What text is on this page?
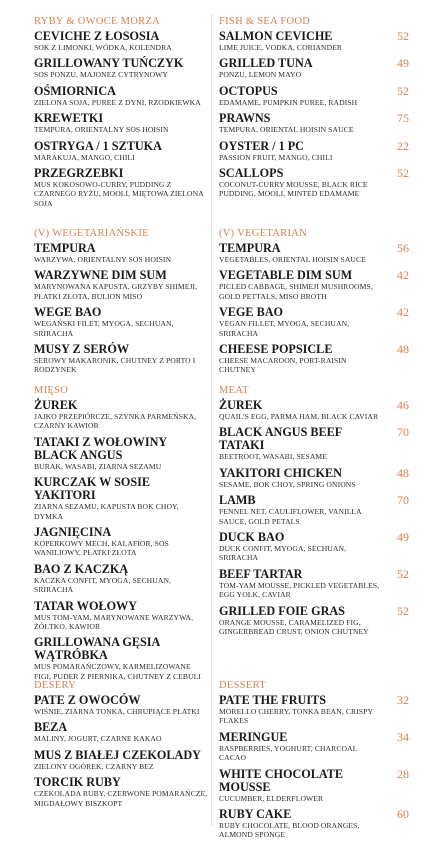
RYBY & OWOCE MORZA
CEVICHE Z ŁOSOSIA
SOK Z LIMONKI, WÓDKA, KOLENDRA
GRILLOWANY TUŃCZYK
SOS PONZU, MAJONEZ CYTRYNOWY
OŚMIORNICA
ZIELONA SOJA, PUREE Z DYNI, RZODKIEWKA
KREWETKI
TEMPURA, ORIENTALNY SOS HOISIN
OSTRYGA / 1 SZTUKA
MARAKUJA, MANGO, CHILI
PRZEGRZEBKI
MUS KOKOSOWO-CURRY, PUDDING Z CZARNEGO RYŻU, MOOLI, MIĘTOWA ZIELONA SOJA
(V) WEGETARIAŃSKIE
TEMPURA
WARZYWA, ORIENTALNY SOS HOISIN
WARZYWNE DIM SUM
MARYNOWANA KAPUSTA, GRZYBY SHIMEJI, PŁATKI ZŁOTA, BULION MISO
WEGE BAO
WEGAŃSKI FILET, MYOGA, SECHUAN, SRIRACHA
MUSY Z SERÓW
SEROWY MAKARONIK, CHUTNEY Z PORTO I RODZYNEK
MIĘSO
ŻUREK
JAJKO PRZEPIÓRCZE, SZYNKA PARMEŃSKA, CZARNY KAWIOR
TATAKI Z WOŁOWINY BLACK ANGUS
BURAK, WASABI, ZIARNA SEZAMU
KURCZAK W SOSIE YAKITORI
ZIARNA SEZAMU, KAPUSTA BOK CHOY, DYMKA
JAGNIĘCINA
KOPERKOWY MECH, KALAFIOR, SOS WANILIOWY, PŁATKI ZŁOTA
BAO Z KACZKĄ
KACZKA CONFIT, MYOGA, SECHUAN, SRIRACHA
TATAR WOŁOWY
MUS TOM-YAM, MARYNOWANE WARZYWA, ŻÓŁTKO, KAWIOR
GRILLOWANA GĘSIA WĄTRÓBKA
MUS POMARAŃCZOWY, KARMELIZOWANE FIGI, PUDER Z PIERNIKA, CHUTNEY Z CEBULI
DESERY
PATE Z OWOCÓW
WIŚNIE, ZIARNA TONKA, CHRUPIĄCE PŁATKI
BEZA
MALINY, JOGURT, CZARNE KAKAO
MUS Z BIAŁEJ CZEKOLADY
ZIELONY OGÓREK, CZARNY BEZ
TORCIK RUBY
CZEKOLADA RUBY, CZERWONE POMARAŃCZE, MIGDAŁOWY BISZKOPT
FISH & SEA FOOD
SALMON CEVICHE
LIME JUICE, VODKA, CORIANDER
52
GRILLED TUNA
PONZU, LEMON MAYO
49
OCTOPUS
EDAMAME, PUMPKIN PUREE, RADISH
52
PRAWNS
TEMPURA, ORIENTAL HOISIN SAUCE
75
OYSTER / 1 PC
PASSION FRUIT, MANGO, CHILI
22
SCALLOPS
COCONUT-CURRY MOUSSE, BLACK RICE PUDDING, MOOLI, MINTED EDAMAME
52
(V) VEGETARIAN
TEMPURA
VEGETABLES, ORIENTAL HOISIN SAUCE
56
VEGETABLE DIM SUM
PICLED CABBAGE, SHIMEJI MUSHROOMS, GOLD PETTALS, MISO BROTH
42
VEGE BAO
VEGAN FILLET, MYOGA, SECHUAN, SRIRACHA
42
CHEESE POPSICLE
CHEESE MACAROON, PORT-RAISIN CHUTNEY
48
MEAT
ŻUREK
QUAIL'S EGG, PARMA HAM, BLACK CAVIAR
46
BLACK ANGUS BEEF TATAKI
BEETROOT, WASABI, SESAME
70
YAKITORI CHICKEN
SESAME, BOK CHOY, SPRING ONIONS
48
LAMB
FENNEL NET, CAULIFLOWER, VANILLA SAUCE, GOLD PETALS
70
DUCK BAO
DUCK CONFIT, MYOGA, SECHUAN, SRIRACHA
49
BEEF TARTAR
TOM-YAM MOUSSE, PICKLED VEGETABLES, EGG YOLK, CAVIAR
52
GRILLED FOIE GRAS
ORANGE MOUSSE, CARAMELIZED FIG, GINGERBREAD CRUST, ONION CHUTNEY
52
DESSERT
PATE THE FRUITS
MORELLO CHERRY, TONKA BEAN, CRISPY FLAKES
32
MERINGUE
RASPBERRIES, YOGHURT, CHARCOAL CACAO
34
WHITE CHOCOLATE MOUSSE
CUCUMBER, ELDERFLOWER
28
RUBY CAKE
RUBY CHOCOLATE, BLOOD ORANGES, ALMOND SPONGE
60
